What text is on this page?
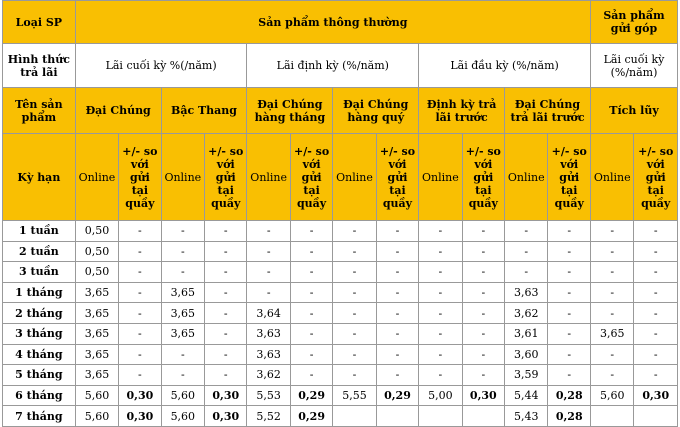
Loại SP	Sản phẩm thông thường												Sản phẩm gửi góp	
Hình thức trả lãi	Lãi cuối kỳ %(/năm)				Lãi định kỳ (%/năm)				Lãi đầu kỳ (%/năm)				Lãi cuối kỳ (%/năm)	
Tên sản phẩm	Đại Chúng		Bậc Thang		Đại Chúng hàng tháng		Đại Chúng hàng quý		Định kỳ trả lãi trước		Đại Chúng trả lãi trước		Tích lũy	
Kỳ hạn	Online	+/- so với gửi tại quầy	Online	+/- so với gửi tại quầy	Online	+/- so với gửi tại quầy	Online	+/- so với gửi tại quầy	Online	+/- so với gửi tại quầy	Online	+/- so với gửi tại quầy	Online	+/- so với gửi tại quầy
1 tuần	0,50	-	-	-	-	-	-	-	-	-	-	-	-	-
2 tuần	0,50	-	-	-	-	-	-	-	-	-	-	-	-	-
3 tuần	0,50	-	-	-	-	-	-	-	-	-	-	-	-	-
1 tháng	3,65	-	3,65	-	-	-	-	-	-	-	3,63	-	-	-
2 tháng	3,65	-	3,65	-	3,64	-	-	-	-	-	3,62	-	-	-
3 tháng	3,65	-	3,65	-	3,63	-	-	-	-	-	3,61	-	3,65	-
4 tháng	3,65	-	-	-	3,63	-	-	-	-	-	3,60	-	-	-
5 tháng	3,65	-	-	-	3,62	-	-	-	-	-	3,59	-	-	-
6 tháng	5,60	0,30	5,60	0,30	5,53	0,29	5,55	0,29	5,00	0,30	5,44	0,28	5,60	0,30
7 tháng	5,60	0,30	5,60	0,30	5,52	0,29					5,43	0,28		
